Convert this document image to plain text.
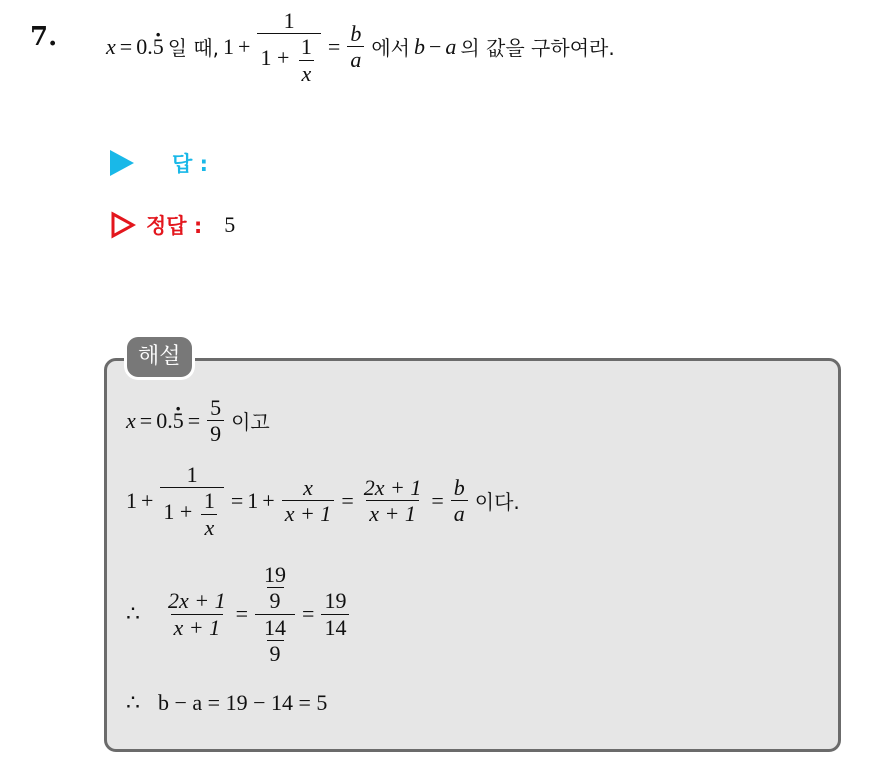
7. x = 0.· 5 일 때, $1 + \frac{1}{1 + \frac{1}{x}} = \frac{b}{a}$ 에서 b − a 의 값을 구하여라.
답 :
정답 : 5
해설
$x = 0.\cdot 5 = \frac{5}{9}$ 이고
$1 + \frac{1}{1 + \frac{1}{x}} = 1 + \frac{x}{x + 1} = \frac{2x + 1}{x + 1} = \frac{b}{a}$ 이다.
∴ $\frac{2x + 1}{x + 1} = \frac{\frac{19}{9}}{\frac{14}{9}} = \frac{19}{14}$
∴ b − a = 19 − 14 = 5
